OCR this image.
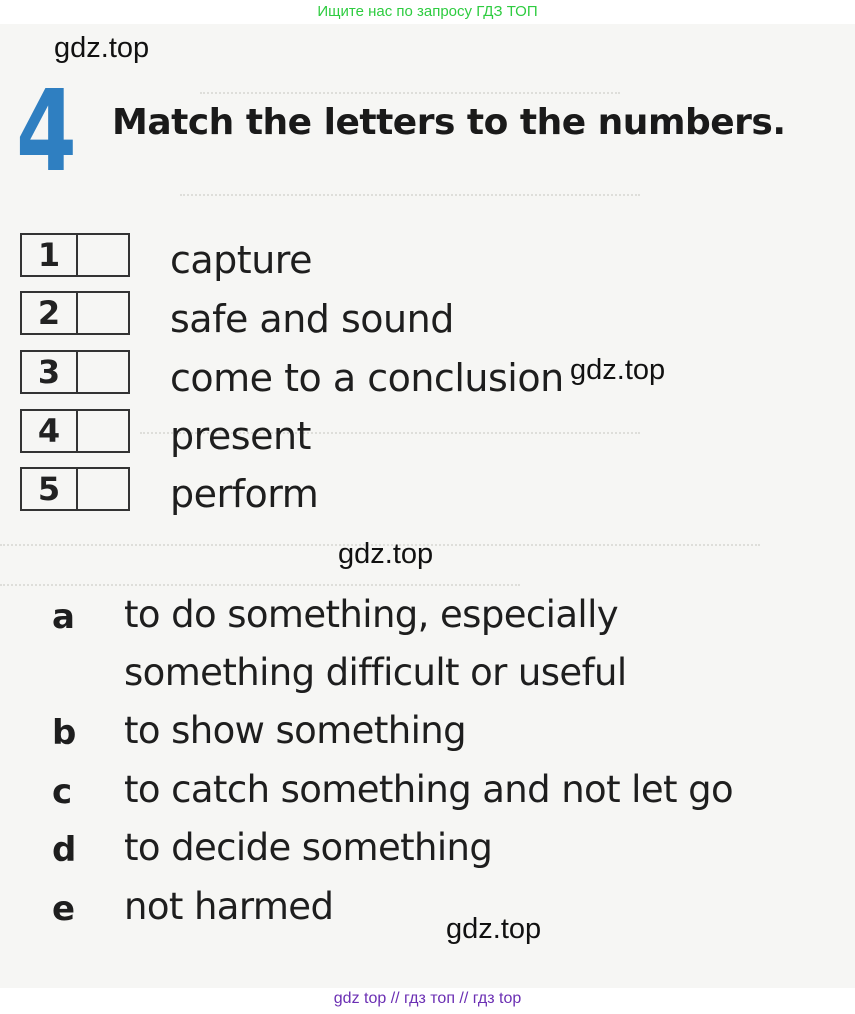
Ищите нас по запросу ГДЗ ТОП
4 Match the letters to the numbers.
gdz.top
gdz.top
gdz.top
gdz.top
1	capture
2	safe and sound
3	come to a conclusion
4	present
5	perform
a to do something, especially
something difficult or useful
b to show something
c to catch something and not let go
d to decide something
e not harmed
gdz top // гдз топ // гдз top
